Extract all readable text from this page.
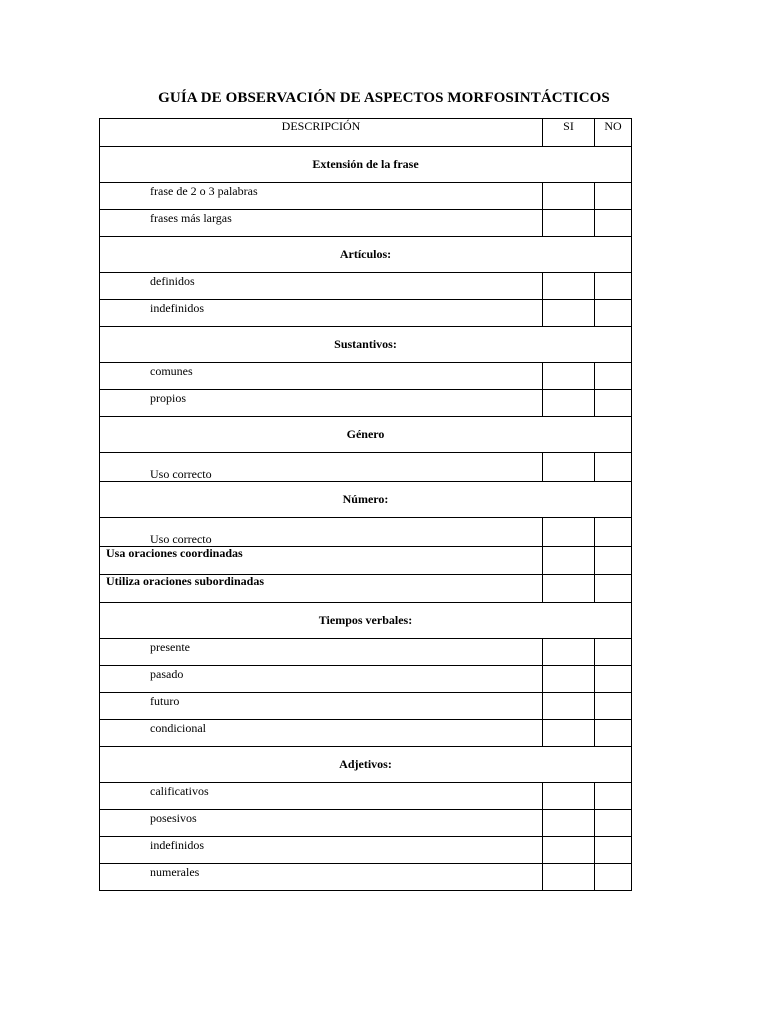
GUÍA DE OBSERVACIÓN DE ASPECTOS MORFOSINTÁCTICOS
DESCRIPCIÓN	SI	NO
Extensión de la frase		
frase de 2 o 3 palabras		
frases más largas		
Artículos:		
definidos		
indefinidos		
Sustantivos:		
comunes		
propios		
Género		
Uso correcto		
Número:		
Uso correcto		
Usa oraciones coordinadas		
Utiliza oraciones subordinadas		
Tiempos verbales:		
presente		
pasado		
futuro		
condicional		
Adjetivos:		
calificativos		
posesivos		
indefinidos		
numerales		
